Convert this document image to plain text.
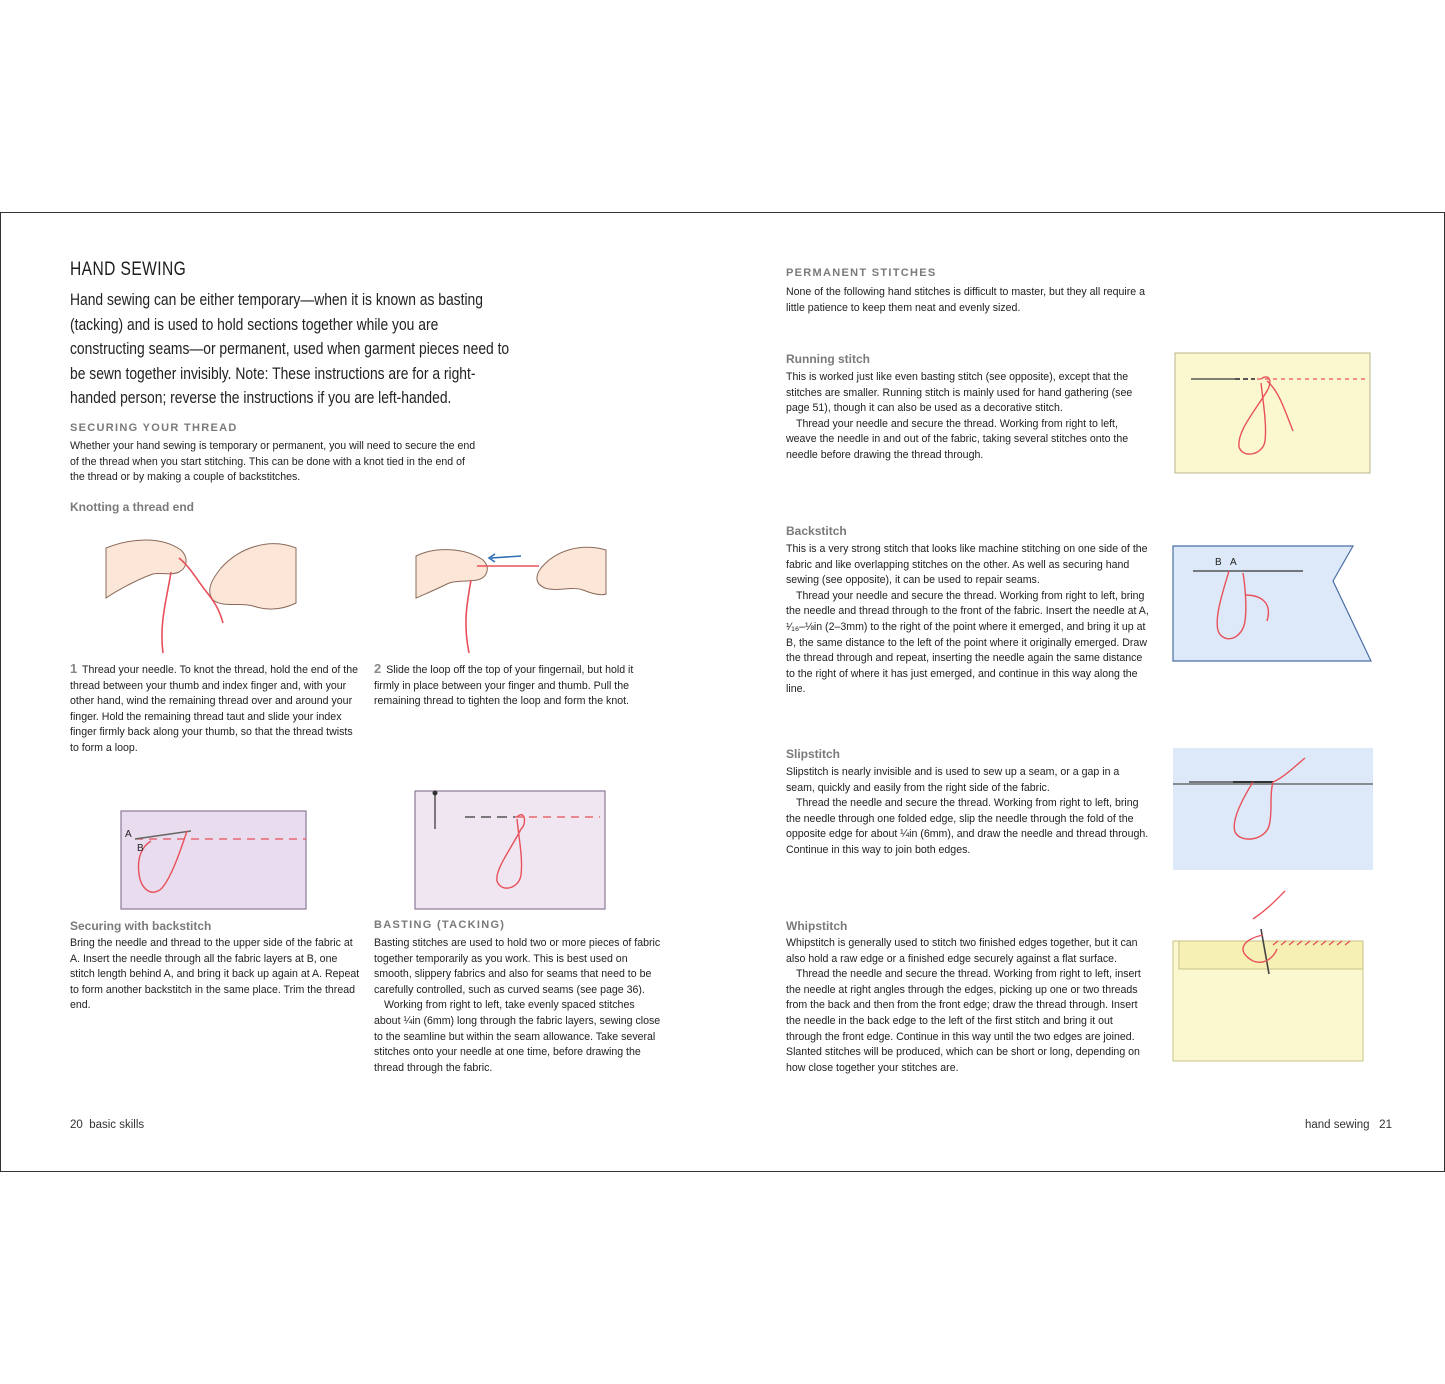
HAND SEWING
Hand sewing can be either temporary—when it is known as basting (tacking) and is used to hold sections together while you are constructing seams—or permanent, used when garment pieces need to be sewn together invisibly. Note: These instructions are for a right-handed person; reverse the instructions if you are left-handed.
SECURING YOUR THREAD
Whether your hand sewing is temporary or permanent, you will need to secure the end of the thread when you start stitching. This can be done with a knot tied in the end of the thread or by making a couple of backstitches.
Knotting a thread end
1 Thread your needle. To knot the thread, hold the end of the thread between your thumb and index finger and, with your other hand, wind the remaining thread over and around your finger. Hold the remaining thread taut and slide your index finger firmly back along your thumb, so that the thread twists to form a loop.
2 Slide the loop off the top of your fingernail, but hold it firmly in place between your finger and thumb. Pull the remaining thread to tighten the loop and form the knot.
A
B
Securing with backstitch
Bring the needle and thread to the upper side of the fabric at A. Insert the needle through all the fabric layers at B, one stitch length behind A, and bring it back up again at A. Repeat to form another backstitch in the same place. Trim the thread end.
BASTING (TACKING)
Basting stitches are used to hold two or more pieces of fabric together temporarily as you work. This is best used on smooth, slippery fabrics and also for seams that need to be carefully controlled, such as curved seams (see page 36).
Working from right to left, take evenly spaced stitches about ¼in (6mm) long through the fabric layers, sewing close to the seamline but within the seam allowance. Take several stitches onto your needle at one time, before drawing the thread through the fabric.
20 basic skills
PERMANENT STITCHES
None of the following hand stitches is difficult to master, but they all require a little patience to keep them neat and evenly sized.
Running stitch
This is worked just like even basting stitch (see opposite), except that the stitches are smaller. Running stitch is mainly used for hand gathering (see page 51), though it can also be used as a decorative stitch.
Thread your needle and secure the thread. Working from right to left, weave the needle in and out of the fabric, taking several stitches onto the needle before drawing the thread through.
Backstitch
This is a very strong stitch that looks like machine stitching on one side of the fabric and like overlapping stitches on the other. As well as securing hand sewing (see opposite), it can be used to repair seams.
Thread your needle and secure the thread. Working from right to left, bring the needle and thread through to the front of the fabric. Insert the needle at A, ¹⁄₁₆–⅛in (2–3mm) to the right of the point where it emerged, and bring it up at B, the same distance to the left of the point where it originally emerged. Draw the thread through and repeat, inserting the needle again the same distance to the right of where it has just emerged, and continue in this way along the line.
B A
Slipstitch
Slipstitch is nearly invisible and is used to sew up a seam, or a gap in a seam, quickly and easily from the right side of the fabric.
Thread the needle and secure the thread. Working from right to left, bring the needle through one folded edge, slip the needle through the fold of the opposite edge for about ¼in (6mm), and draw the needle and thread through. Continue in this way to join both edges.
Whipstitch
Whipstitch is generally used to stitch two finished edges together, but it can also hold a raw edge or a finished edge securely against a flat surface.
Thread the needle and secure the thread. Working from right to left, insert the needle at right angles through the edges, picking up one or two threads from the back and then from the front edge; draw the thread through. Insert the needle in the back edge to the left of the first stitch and bring it out through the front edge. Continue in this way until the two edges are joined. Slanted stitches will be produced, which can be short or long, depending on how close together your stitches are.
hand sewing 21
